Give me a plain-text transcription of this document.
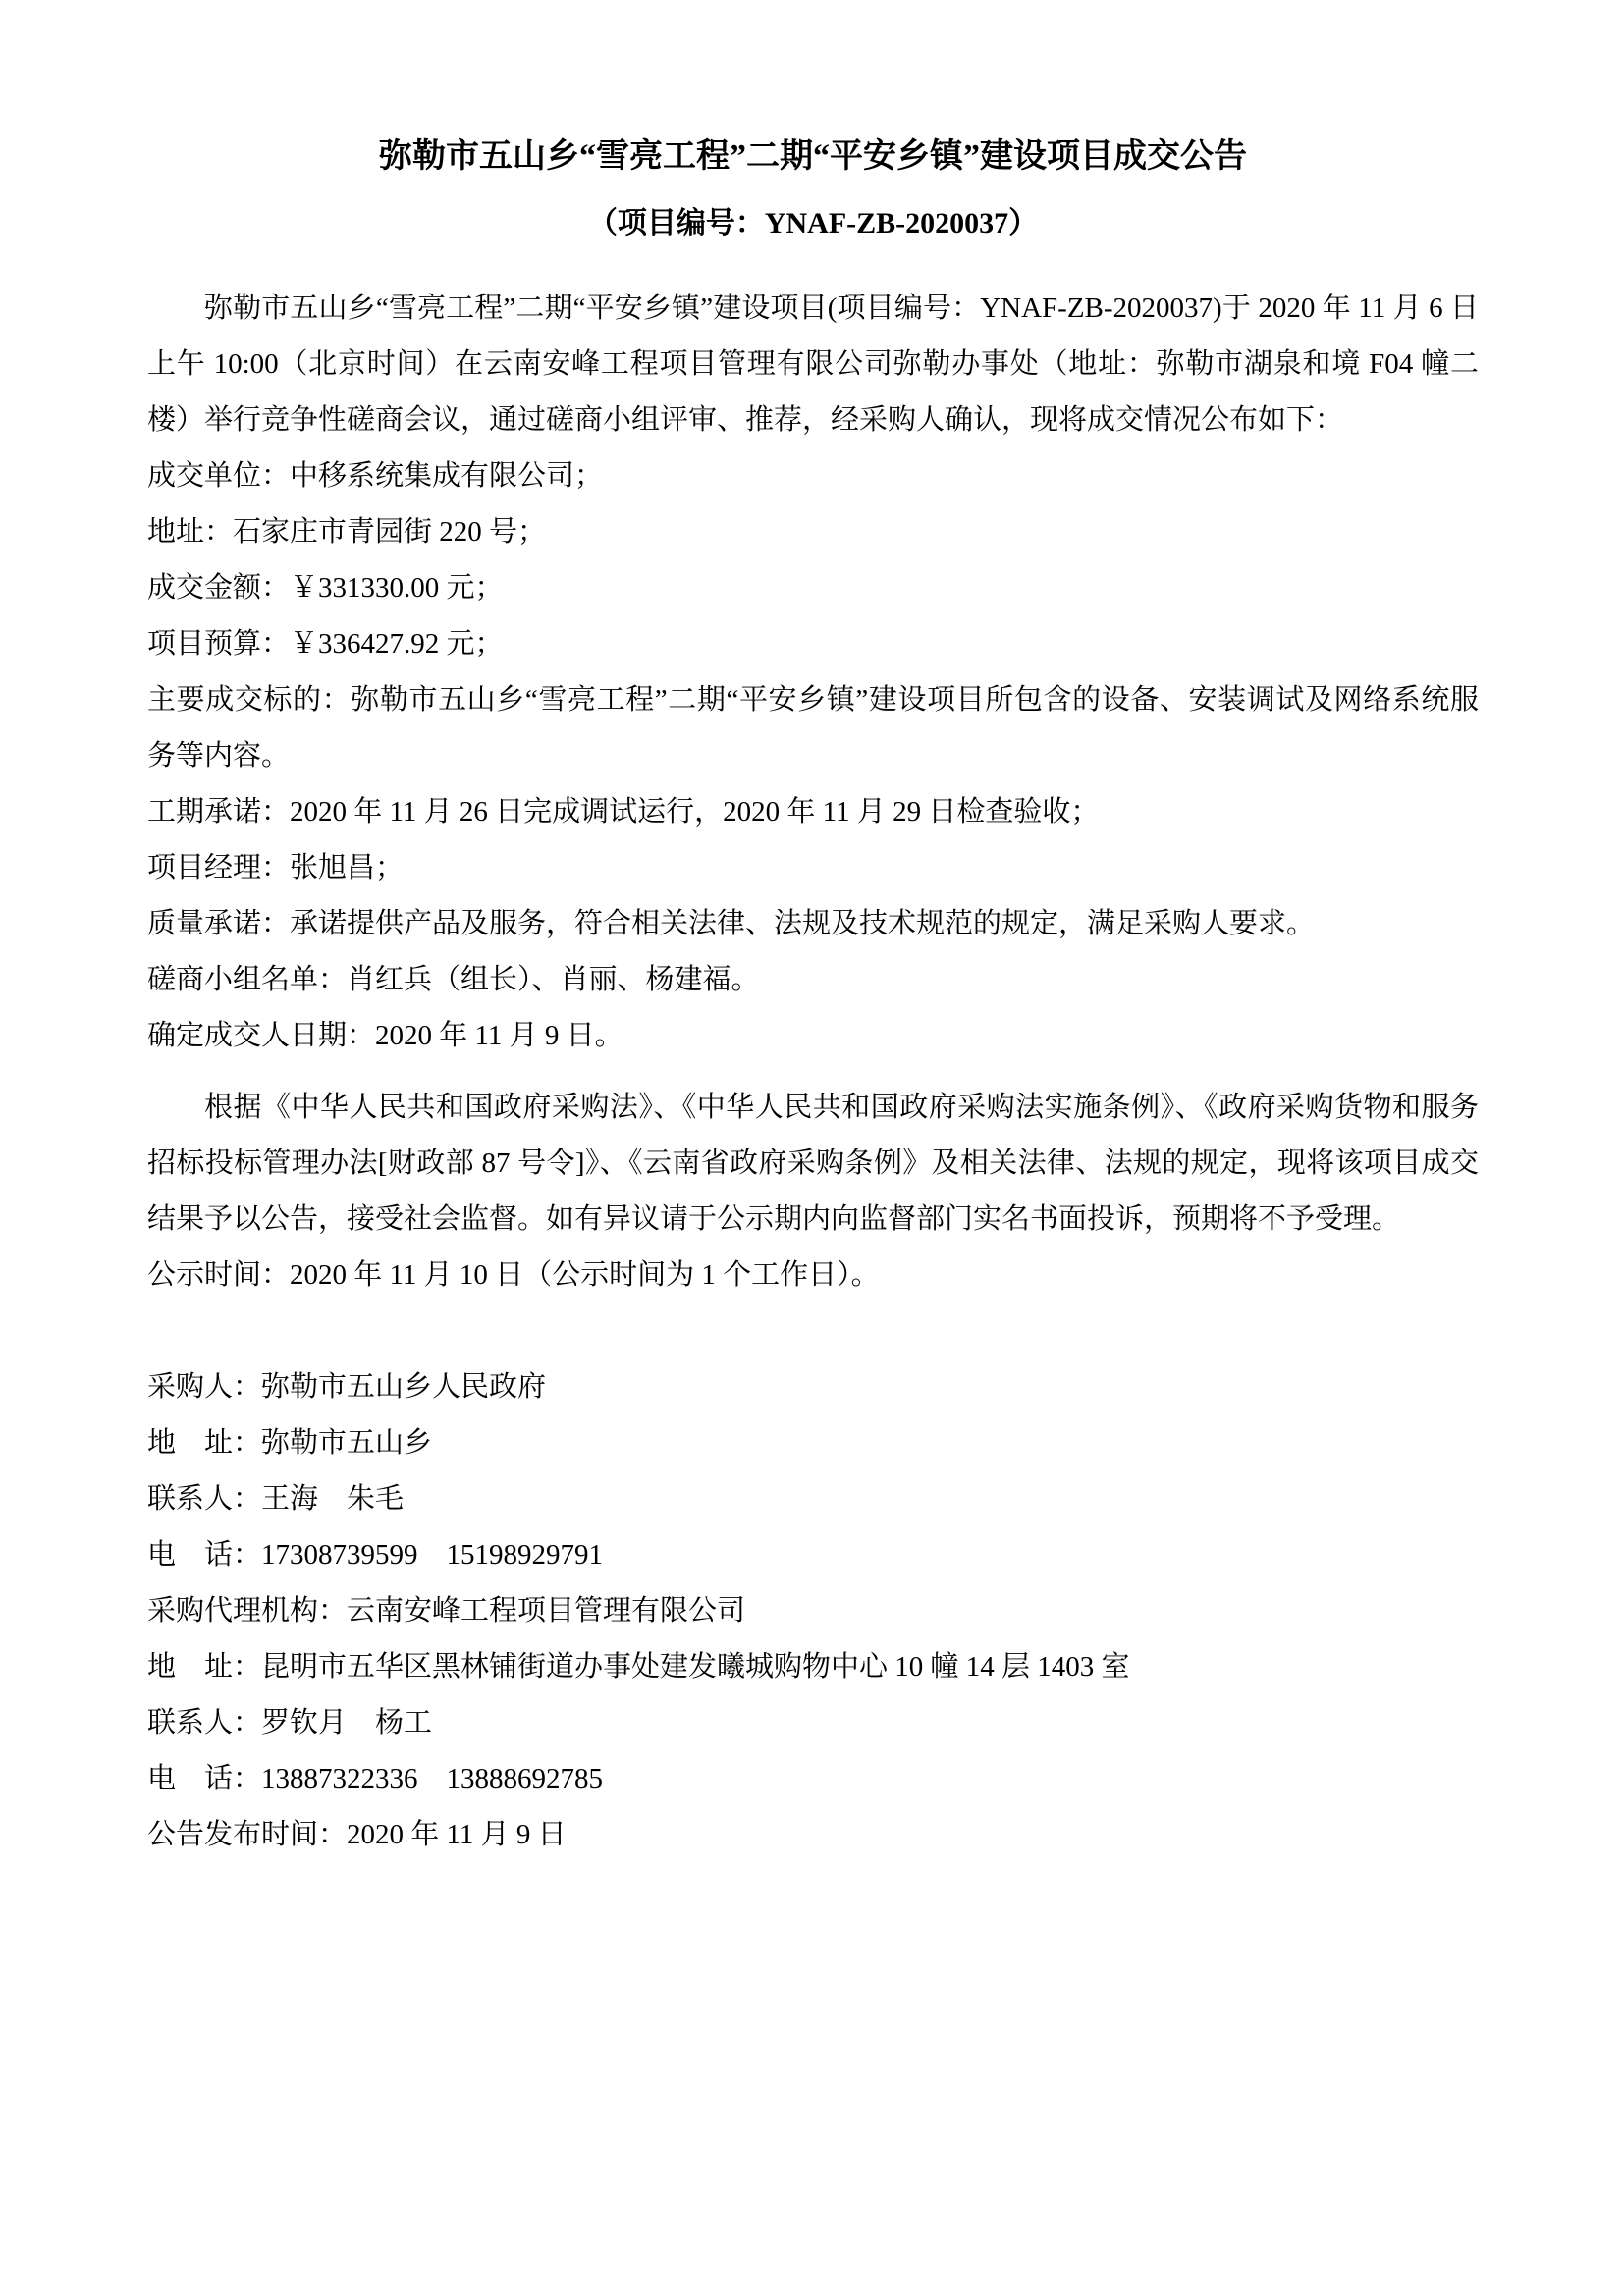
弥勒市五山乡“雪亮工程”二期“平安乡镇”建设项目成交公告
（项目编号：YNAF-ZB-2020037）

弥勒市五山乡“雪亮工程”二期“平安乡镇”建设项目(项目编号：YNAF-ZB-2020037)于 2020 年 11 月 6 日上午 10:00（北京时间）在云南安峰工程项目管理有限公司弥勒办事处（地址：弥勒市湖泉和境 F04 幢二楼）举行竞争性磋商会议，通过磋商小组评审、推荐，经采购人确认，现将成交情况公布如下：

成交单位：中移系统集成有限公司；

地址：石家庄市青园街 220 号；

成交金额：￥331330.00 元；

项目预算：￥336427.92 元；

主要成交标的：弥勒市五山乡“雪亮工程”二期“平安乡镇”建设项目所包含的设备、安装调试及网络系统服务等内容。

工期承诺：2020 年 11 月 26 日完成调试运行，2020 年 11 月 29 日检查验收；

项目经理：张旭昌；

质量承诺：承诺提供产品及服务，符合相关法律、法规及技术规范的规定，满足采购人要求。

磋商小组名单：肖红兵（组长）、肖丽、杨建福。

确定成交人日期：2020 年 11 月 9 日。

根据《中华人民共和国政府采购法》、《中华人民共和国政府采购法实施条例》、《政府采购货物和服务招标投标管理办法[财政部 87 号令]》、《云南省政府采购条例》及相关法律、法规的规定，现将该项目成交结果予以公告，接受社会监督。如有异议请于公示期内向监督部门实名书面投诉，预期将不予受理。

公示时间：2020 年 11 月 10 日（公示时间为 1 个工作日）。

采购人：弥勒市五山乡人民政府

地　址：弥勒市五山乡

联系人：王海　朱毛

电　话：17308739599　15198929791

采购代理机构：云南安峰工程项目管理有限公司

地　址：昆明市五华区黑林铺街道办事处建发曦城购物中心 10 幢 14 层 1403 室

联系人：罗钦月　杨工

电　话：13887322336　13888692785

公告发布时间：2020 年 11 月 9 日
